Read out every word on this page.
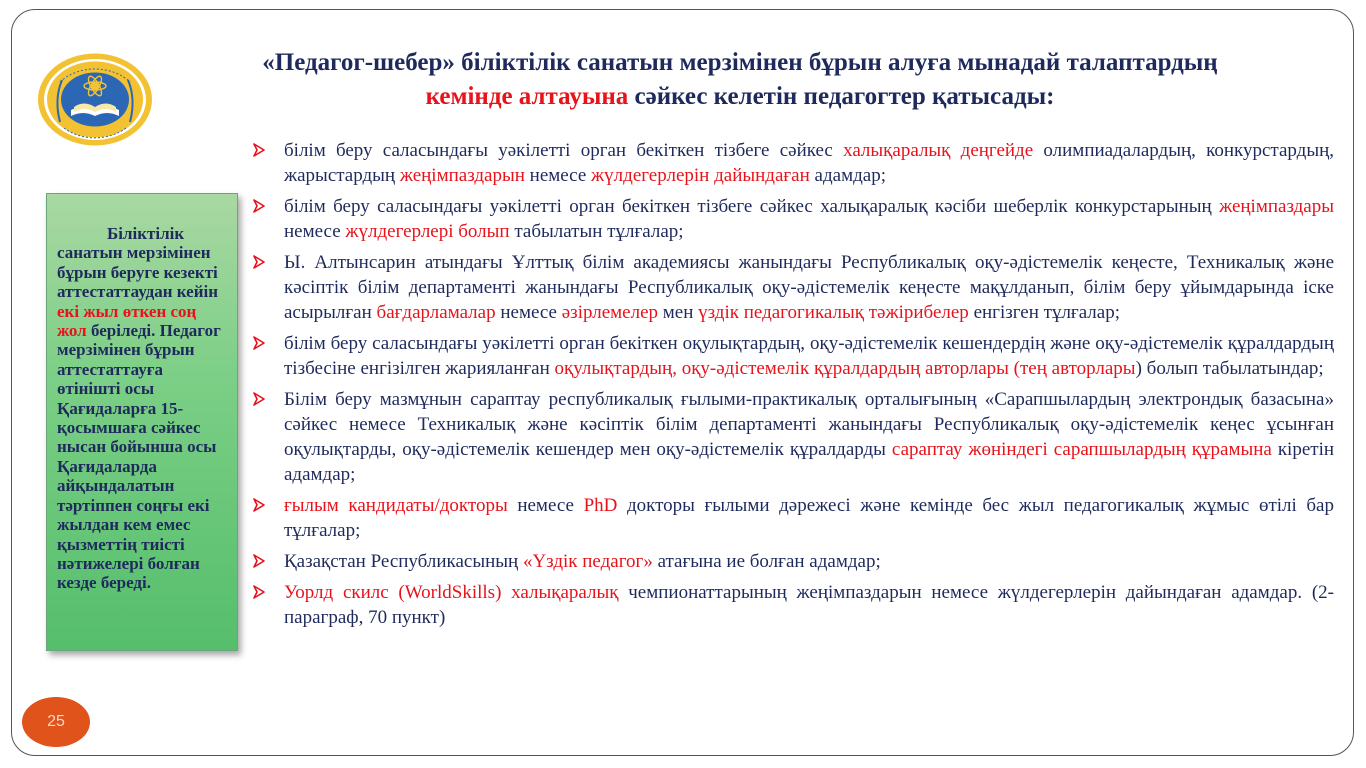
«Педагог-шебер» біліктілік санатын мерзімінен бұрын алуға мынадай талаптардың
кемінде алтауына сәйкес келетін педагогтер қатысады:
Біліктілік санатын мерзімінен бұрын беруге кезекті аттестаттаудан кейін екі жыл өткен соң жол беріледі. Педагог мерзімінен бұрын аттестаттауға өтінішті осы Қағидаларға 15-қосымшаға сәйкес нысан бойынша осы Қағидаларда айқындалатын тәртіппен соңғы екі жылдан кем емес қызметтің тиісті нәтижелері болған кезде береді.
білім беру саласындағы уәкілетті орган бекіткен тізбеге сәйкес халықаралық деңгейде олимпиадалардың, конкурстардың, жарыстардың жеңімпаздарын немесе жүлдегерлерін дайындаған адамдар;
білім беру саласындағы уәкілетті орган бекіткен тізбеге сәйкес халықаралық кәсіби шеберлік конкурстарының жеңімпаздары немесе жүлдегерлері болып табылатын тұлғалар;
Ы. Алтынсарин атындағы Ұлттық білім академиясы жанындағы Республикалық оқу-әдістемелік кеңесте, Техникалық және кәсіптік білім департаменті жанындағы Республикалық оқу-әдістемелік кеңесте мақұлданып, білім беру ұйымдарында іске асырылған бағдарламалар немесе әзірлемелер мен үздік педагогикалық тәжірибелер енгізген тұлғалар;
білім беру саласындағы уәкілетті орган бекіткен оқулықтардың, оқу-әдістемелік кешендердің және оқу-әдістемелік құралдардың тізбесіне енгізілген жарияланған оқулықтардың, оқу-әдістемелік құралдардың авторлары (тең авторлары) болып табылатындар;
Білім беру мазмұнын сараптау республикалық ғылыми-практикалық орталығының «Сарапшылардың электрондық базасына» сәйкес немесе Техникалық және кәсіптік білім департаменті жанындағы Республикалық оқу-әдістемелік кеңес ұсынған оқулықтарды, оқу-әдістемелік кешендер мен оқу-әдістемелік құралдарды сараптау жөніндегі сарапшылардың құрамына кіретін адамдар;
ғылым кандидаты/докторы немесе PhD докторы ғылыми дәрежесі және кемінде бес жыл педагогикалық жұмыс өтілі бар тұлғалар;
Қазақстан Республикасының «Үздік педагог» атағына ие болған адамдар;
Уорлд скилс (WorldSkills) халықаралық чемпионаттарының жеңімпаздарын немесе жүлдегерлерін дайындаған адамдар. (2-параграф, 70 пункт)
25
